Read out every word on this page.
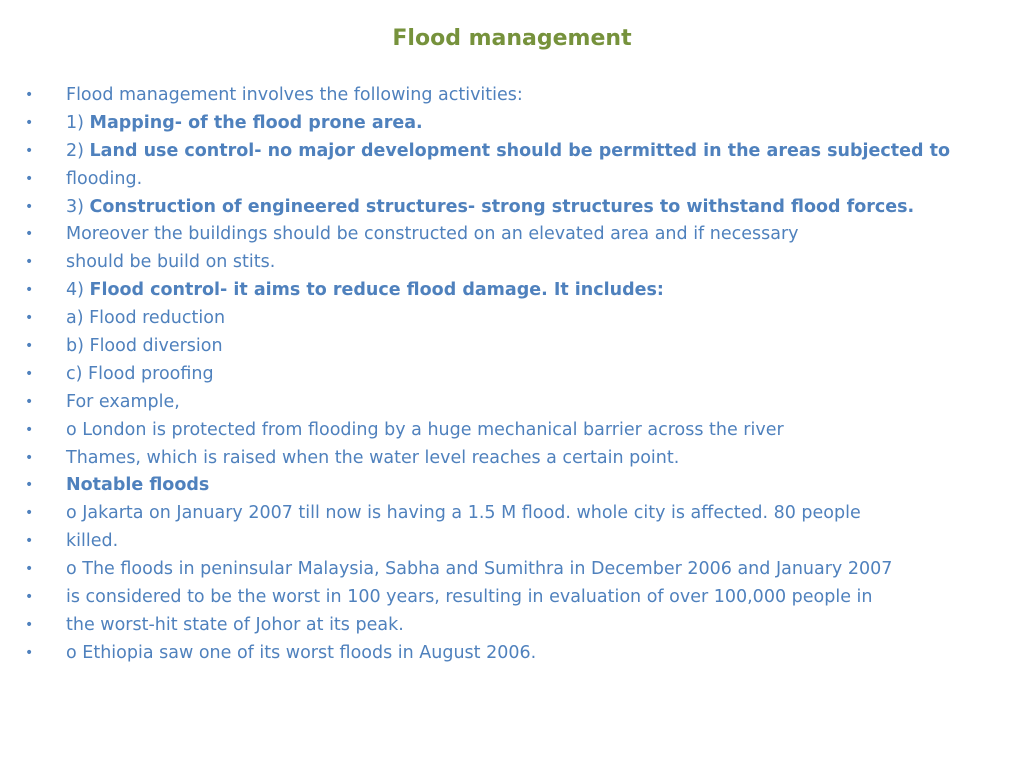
Flood management
• Flood management involves the following activities:
• 1) Mapping- of the flood prone area.
• 2) Land use control- no major development should be permitted in the areas subjected to
• flooding.
• 3) Construction of engineered structures- strong structures to withstand flood forces.
• Moreover the buildings should be constructed on an elevated area and if necessary
• should be build on stits.
• 4) Flood control- it aims to reduce flood damage. It includes:
• a) Flood reduction
• b) Flood diversion
• c) Flood proofing
• For example,
• o London is protected from flooding by a huge mechanical barrier across the river
• Thames, which is raised when the water level reaches a certain point.
• Notable floods
• o Jakarta on January 2007 till now is having a 1.5 M flood. whole city is affected. 80 people
• killed.
• o The floods in peninsular Malaysia, Sabha and Sumithra in December 2006 and January 2007
• is considered to be the worst in 100 years, resulting in evaluation of over 100,000 people in
• the worst-hit state of Johor at its peak.
• o Ethiopia saw one of its worst floods in August 2006.
